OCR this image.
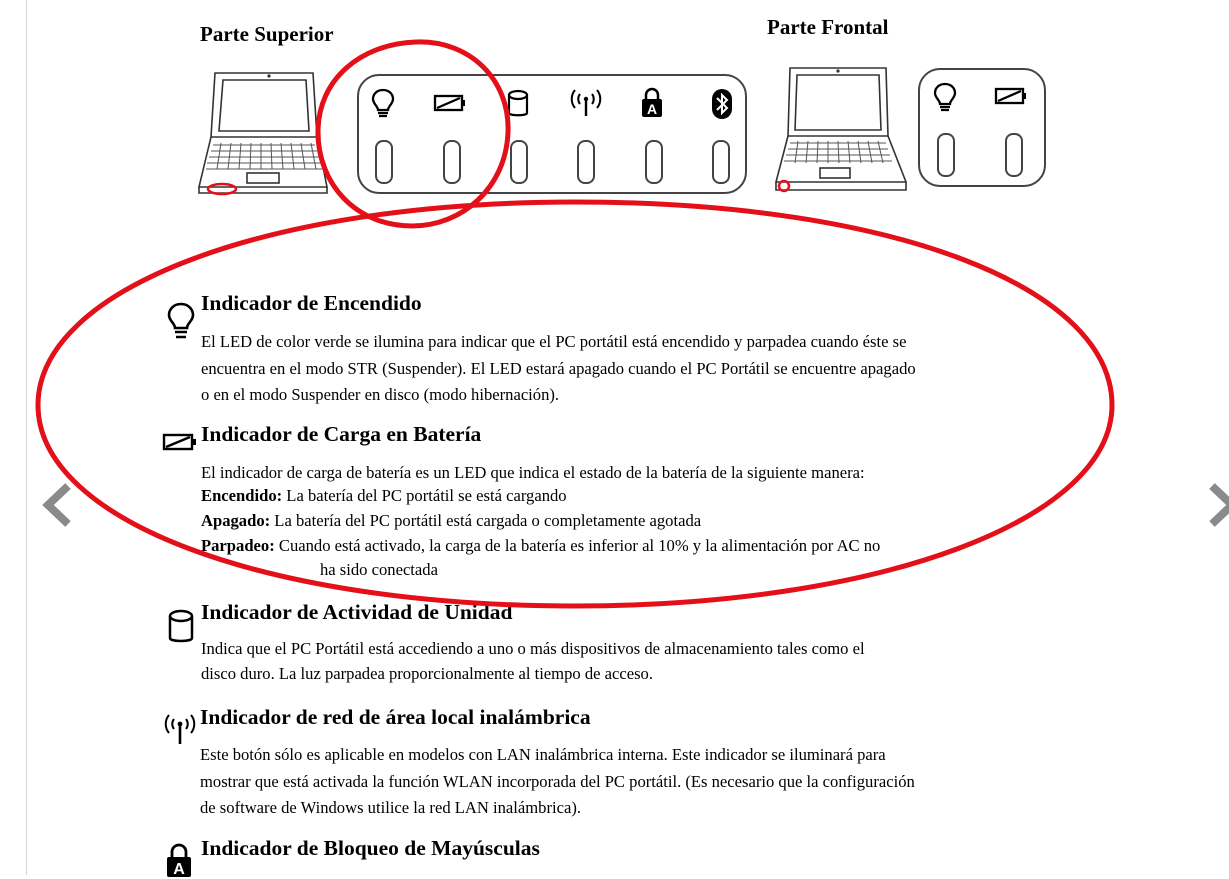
Parte Superior	Parte Frontal
A
Indicador de Encendido

El LED de color verde se ilumina para indicar que el PC portátil está encendido y parpadea cuando éste se
encuentra en el modo STR (Suspender). El LED estará apagado cuando el PC Portátil se encuentre apagado
o en el modo Suspender en disco (modo hibernación).

Indicador de Carga en Batería

El indicador de carga de batería es un LED que indica el estado de la batería de la siguiente manera:

Encendido: La batería del PC portátil se está cargando

Apagado: La batería del PC portátil está cargada o completamente agotada

Parpadeo: Cuando está activado, la carga de la batería es inferior al 10% y la alimentación por AC no

ha sido conectada

Indicador de Actividad de Unidad

Indica que el PC Portátil está accediendo a uno o más dispositivos de almacenamiento tales como el
disco duro. La luz parpadea proporcionalmente al tiempo de acceso.

Indicador de red de área local inalámbrica

Este botón sólo es aplicable en modelos con LAN inalámbrica interna. Este indicador se iluminará para
mostrar que está activada la función WLAN incorporada del PC portátil. (Es necesario que la configuración
de software de Windows utilice la red LAN inalámbrica).

A
Indicador de Bloqueo de Mayúsculas
